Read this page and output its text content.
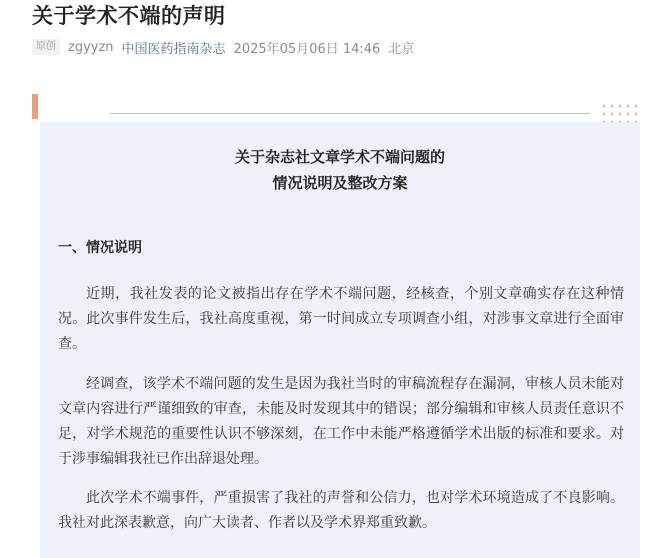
关于学术不端的声明
原创 zgyyzn 中国医药指南杂志 2025年05月06日 14:46 北京
关于杂志社文章学术不端问题的
情况说明及整改方案
一、情况说明

近期，我社发表的论文被指出存在学术不端问题，经核查，个别文章确实存在这种情况。此次事件发生后，我社高度重视，第一时间成立专项调查小组，对涉事文章进行全面审查。

经调查，该学术不端问题的发生是因为我社当时的审稿流程存在漏洞，审核人员未能对文章内容进行严谨细致的审查，未能及时发现其中的错误；部分编辑和审核人员责任意识不足，对学术规范的重要性认识不够深刻，在工作中未能严格遵循学术出版的标准和要求。对于涉事编辑我社已作出辞退处理。

此次学术不端事件，严重损害了我社的声誉和公信力，也对学术环境造成了不良影响。我社对此深表歉意，向广大读者、作者以及学术界郑重致歉。
